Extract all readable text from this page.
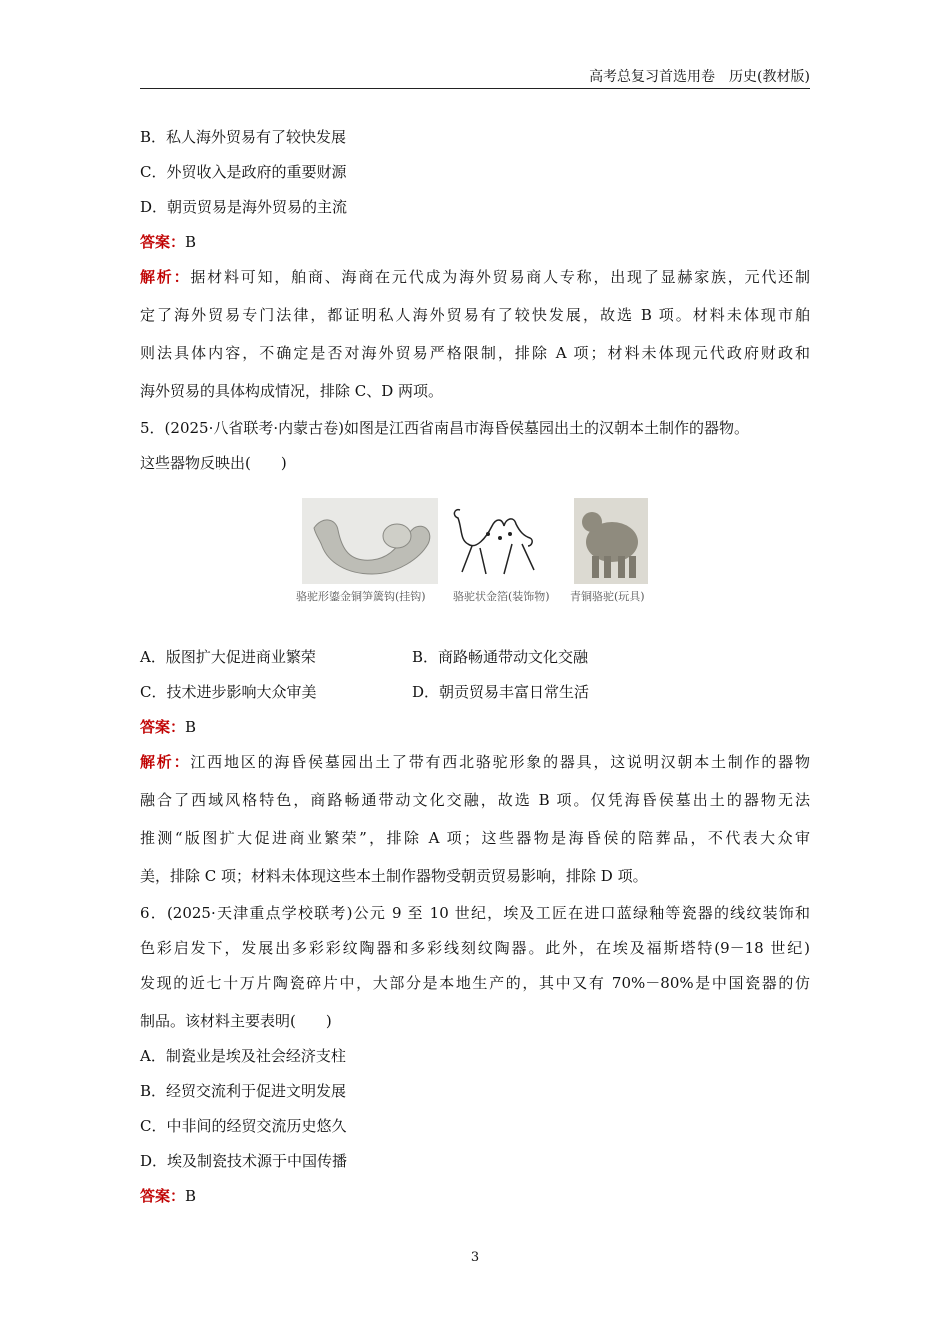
高考总复习首选用卷　历史(教材版)
B．私人海外贸易有了较快发展
C．外贸收入是政府的重要财源
D．朝贡贸易是海外贸易的主流
答案：B
解析：据材料可知，舶商、海商在元代成为海外贸易商人专称，出现了显赫家族，元代还制
定了海外贸易专门法律，都证明私人海外贸易有了较快发展，故选 B 项。材料未体现市舶
则法具体内容，不确定是否对海外贸易严格限制，排除 A 项；材料未体现元代政府财政和
海外贸易的具体构成情况，排除 C、D 两项。
5．(2025·八省联考·内蒙古卷)如图是江西省南昌市海昏侯墓园出土的汉朝本土制作的器物。
这些器物反映出(　　)
骆驼形鎏金铜笋簴钩(挂钩) 骆驼状金箔(装饰物) 青铜骆驼(玩具)
A．版图扩大促进商业繁荣	B．商路畅通带动文化交融
C．技术进步影响大众审美	D．朝贡贸易丰富日常生活
答案：B
解析：江西地区的海昏侯墓园出土了带有西北骆驼形象的器具，这说明汉朝本土制作的器物
融合了西域风格特色，商路畅通带动文化交融，故选 B 项。仅凭海昏侯墓出土的器物无法
推测“版图扩大促进商业繁荣”，排除 A 项；这些器物是海昏侯的陪葬品，不代表大众审
美，排除 C 项；材料未体现这些本土制作器物受朝贡贸易影响，排除 D 项。
6．(2025·天津重点学校联考)公元 9 至 10 世纪，埃及工匠在进口蓝绿釉等瓷器的线纹装饰和
色彩启发下，发展出多彩彩纹陶器和多彩线刻纹陶器。此外，在埃及福斯塔特(9－18 世纪)
发现的近七十万片陶瓷碎片中，大部分是本地生产的，其中又有 70%－80%是中国瓷器的仿
制品。该材料主要表明(　　)
A．制瓷业是埃及社会经济支柱
B．经贸交流利于促进文明发展
C．中非间的经贸交流历史悠久
D．埃及制瓷技术源于中国传播
答案：B
3
